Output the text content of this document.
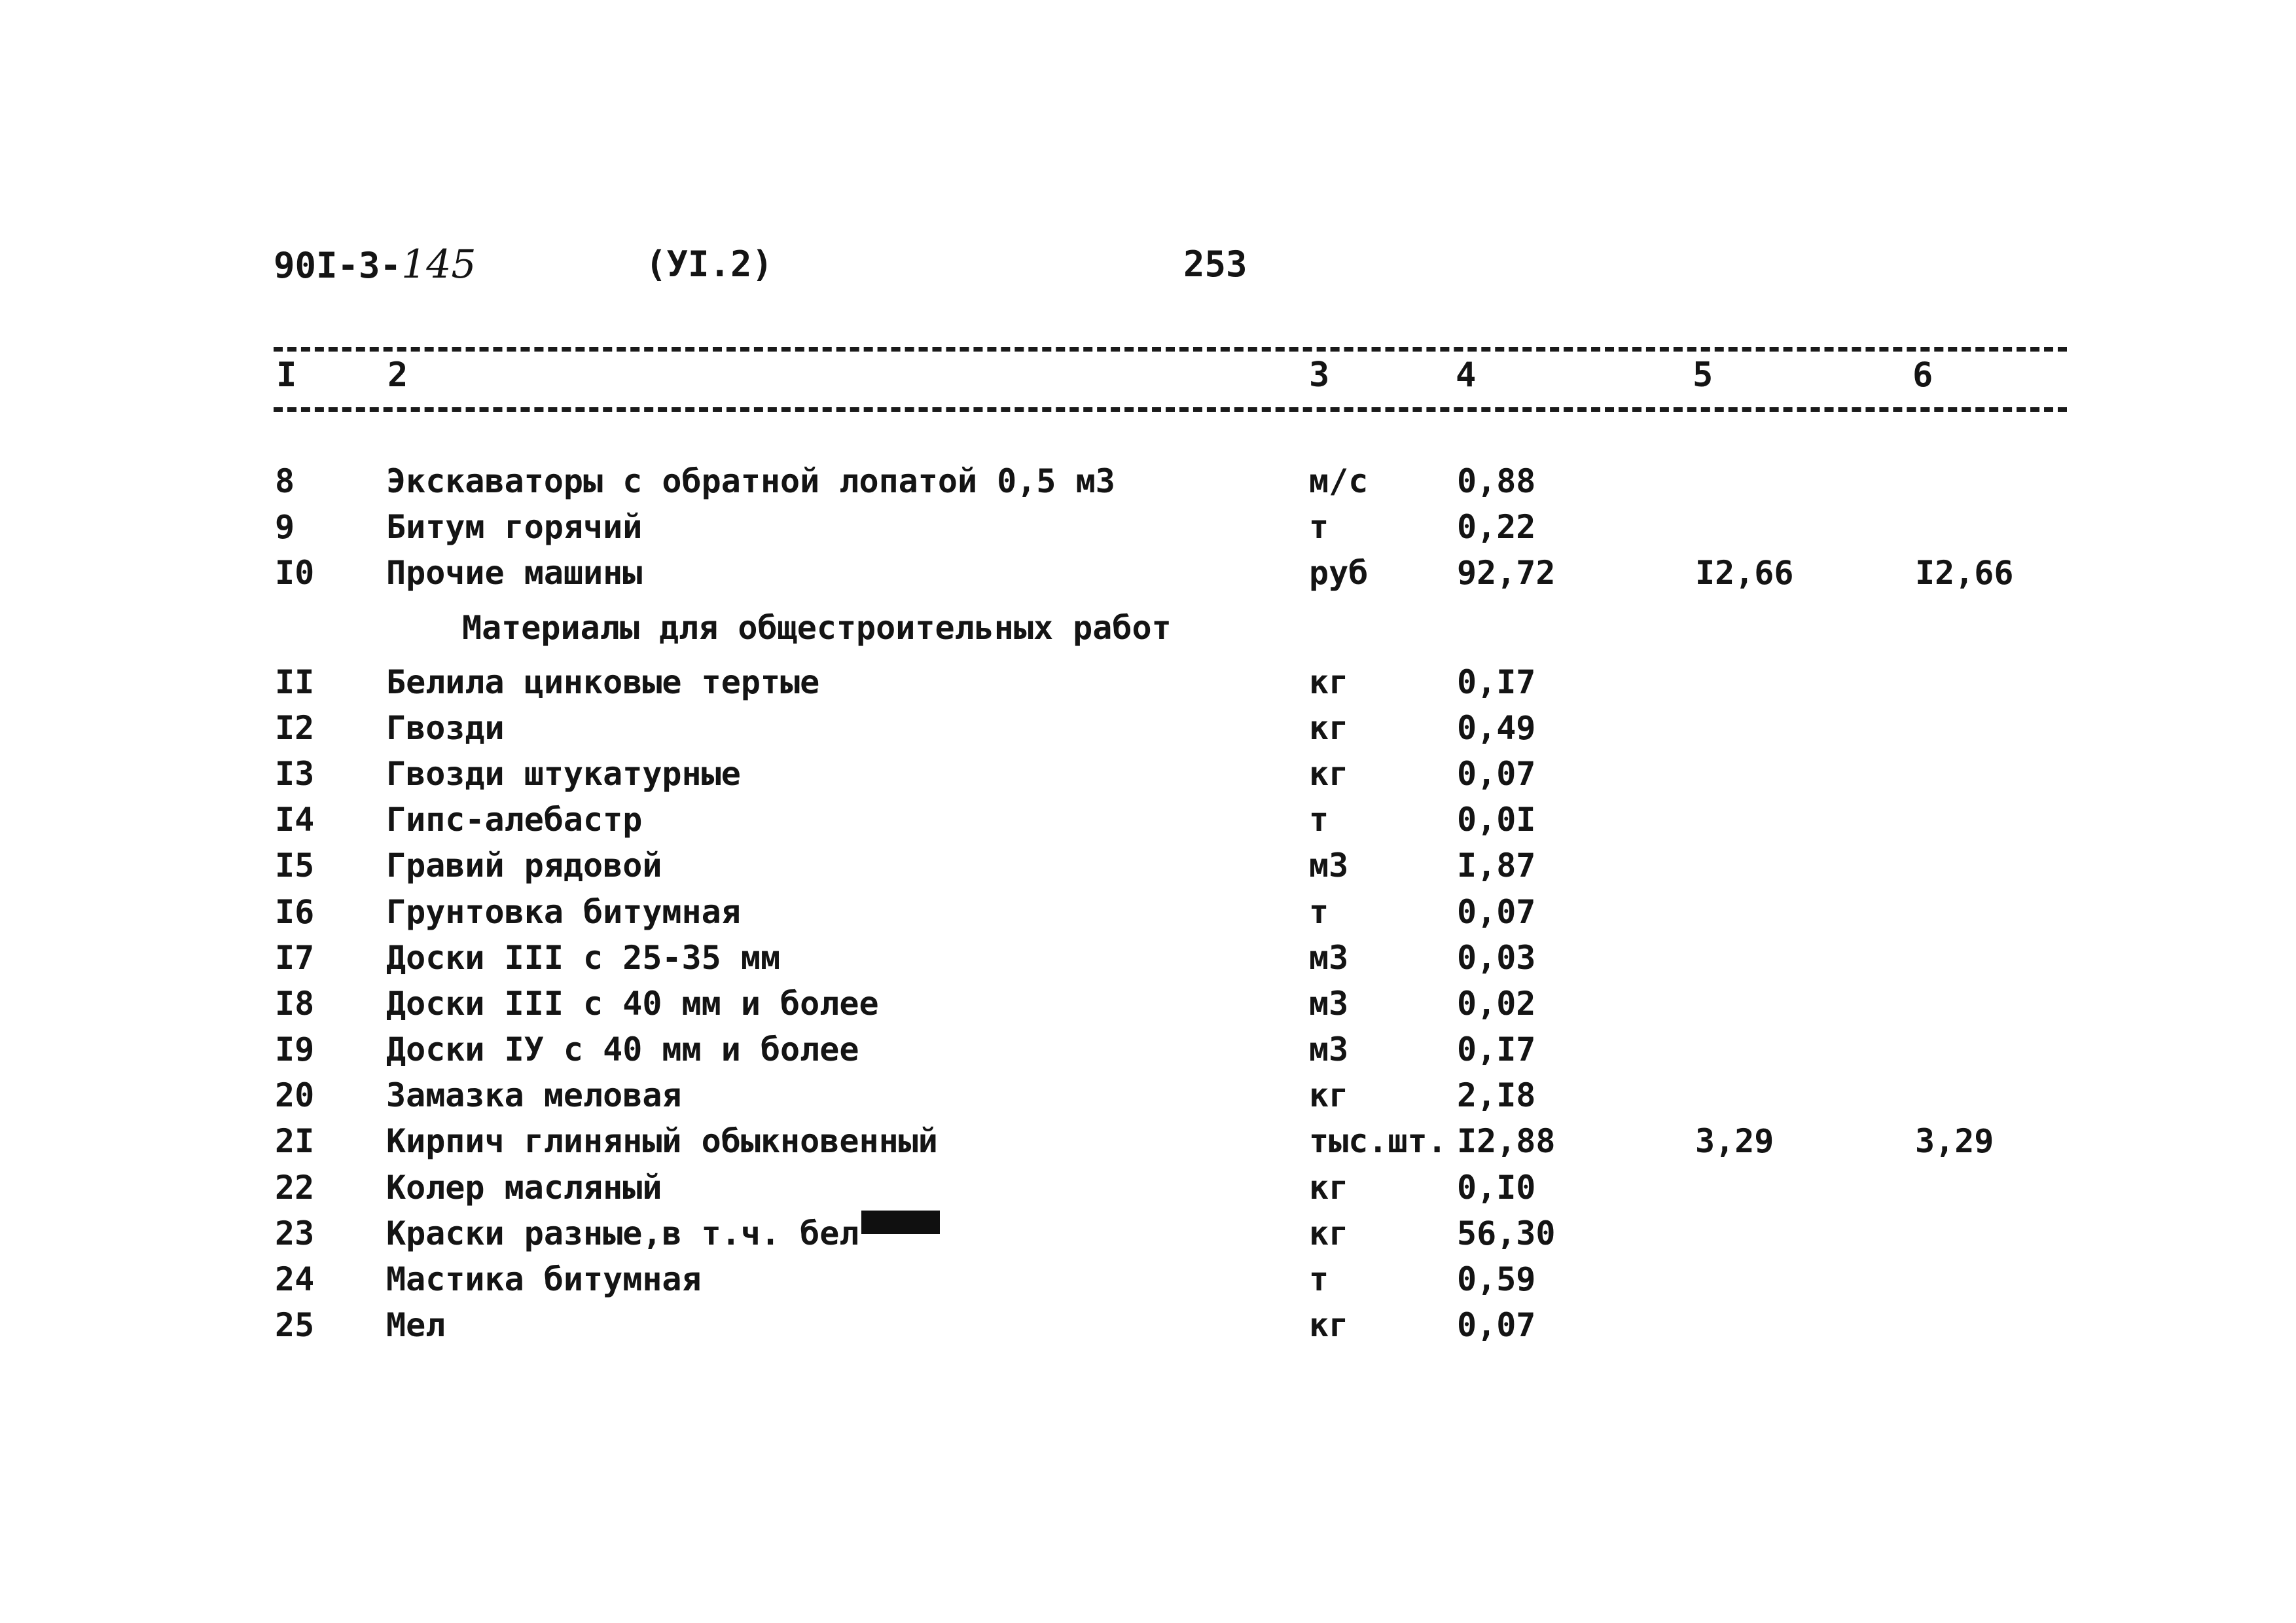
90I-3-145	(УI.2)	253
I	2	3	4	5	6
8	Экскаваторы с обратной лопатой 0,5 м3	м/с	0,88
9	Битум горячий	т	0,22
I0 Прочие машины	руб	92,72	I2,66	I2,66
Материалы для общестроительных работ
II Белила цинковые тертые	кг	0,I7
I2 Гвозди	кг	0,49
I3 Гвозди штукатурные	кг	0,07
I4 Гипс-алебастр	т	0,0I
I5 Гравий рядовой	м3	I,87
I6 Грунтовка битумная	т	0,07
I7 Доски III с 25-35 мм	м3	0,03
I8 Доски III с 40 мм и более	м3	0,02
I9 Доски IУ с 40 мм и более	м3	0,I7
20 Замазка меловая	кг	2,I8
2I Кирпич глиняный обыкновенный	тыс.шт. I2,88	3,29	3,29
22 Колер масляный	кг	0,I0
23 Краски разные,в т.ч. бел	кг	56,30
24 Мастика битумная	т	0,59
25 Мел	кг	0,07
